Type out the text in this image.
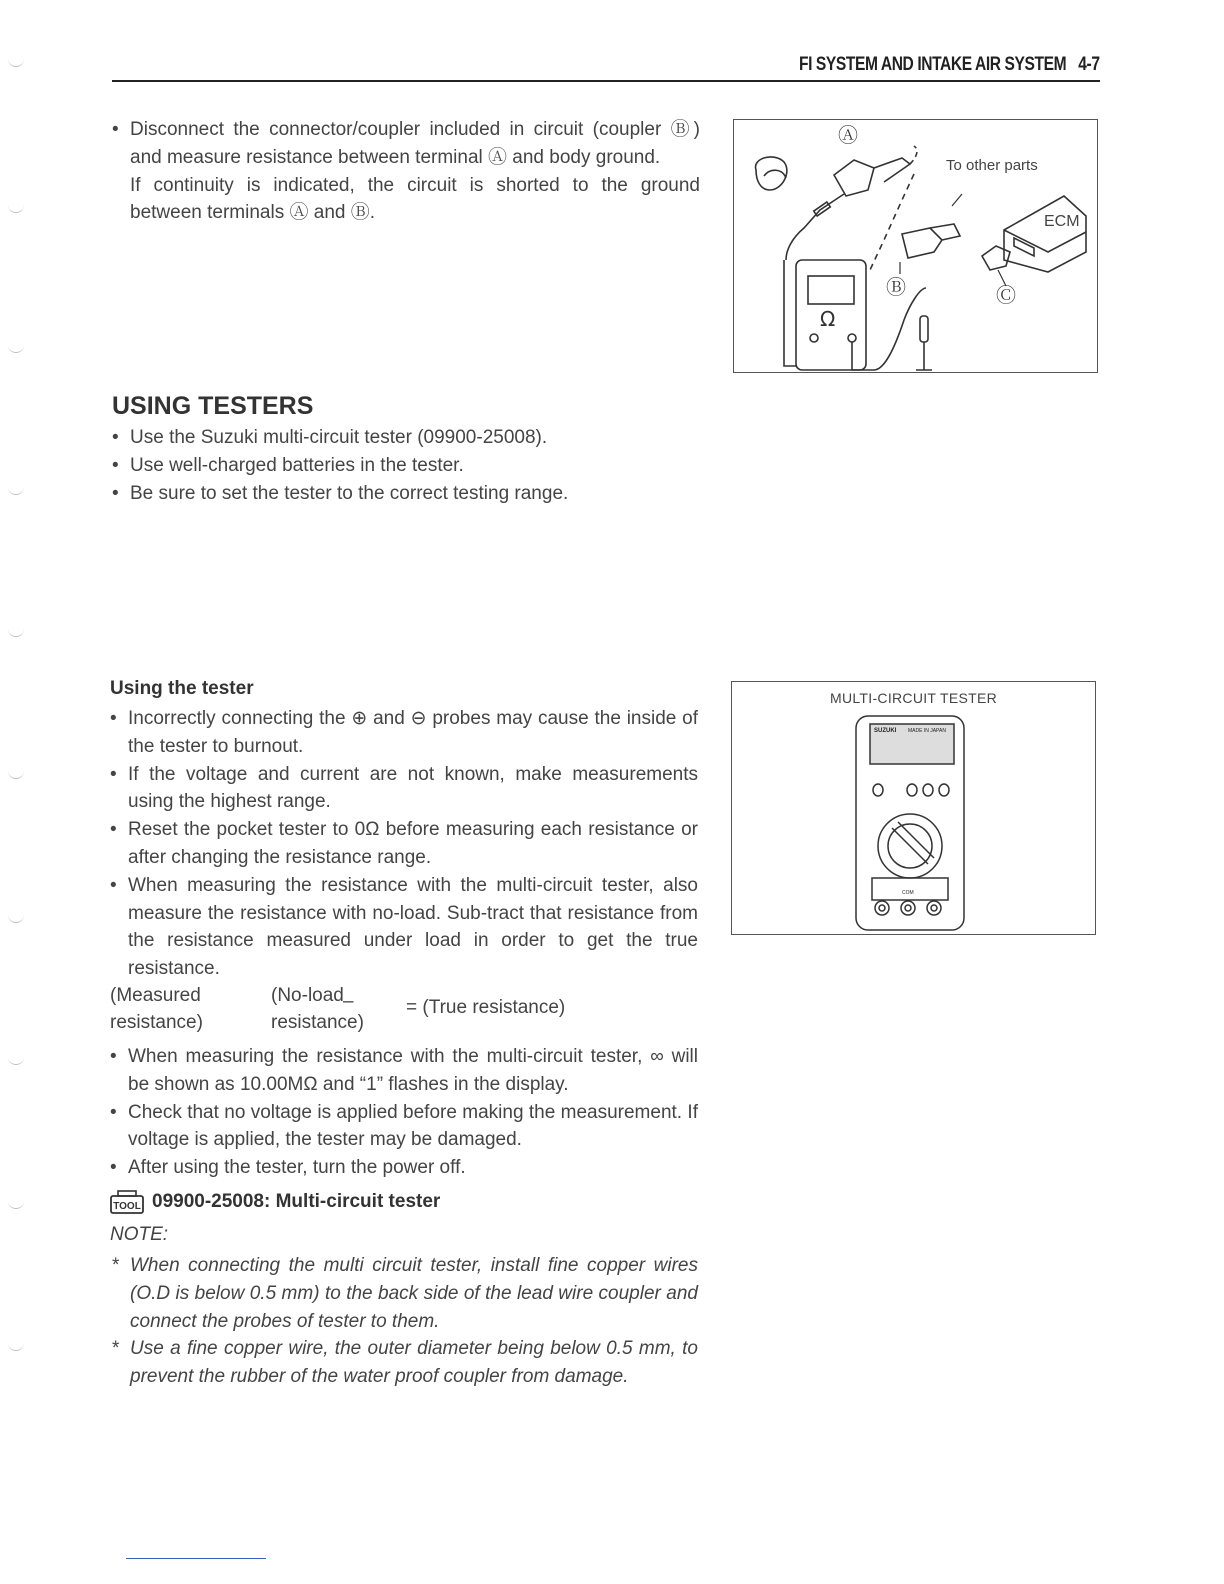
FI SYSTEM AND INTAKE AIR SYSTEM 4-7
• Disconnect the connector/coupler included in circuit (coupler Ⓑ) and measure resistance between terminal Ⓐ and body ground.
If continuity is indicated, the circuit is shorted to the ground between terminals Ⓐ and Ⓑ.
Ⓐ
Ⓑ	Ⓒ
To other parts
ECM
Ω
USING TESTERS
• Use the Suzuki multi-circuit tester (09900-25008).
• Use well-charged batteries in the tester.
• Be sure to set the tester to the correct testing range.
Using the tester
• Incorrectly connecting the ⊕ and ⊖ probes may cause the inside of the tester to burnout.
• If the voltage and current are not known, make measurements using the highest range.
• Reset the pocket tester to 0Ω before measuring each resistance or after changing the resistance range.
• When measuring the resistance with the multi-circuit tester, also measure the resistance with no-load. Sub-tract that resistance from the resistance measured under load in order to get the true resistance.
(Measured
resistance)
–
(No-load
resistance)
= (True resistance)
• When measuring the resistance with the multi-circuit tester, ∞ will be shown as 10.00MΩ and “1” flashes in the display.
• Check that no voltage is applied before making the measurement. If voltage is applied, the tester may be damaged.
• After using the tester, turn the power off.
MULTI-CIRCUIT TESTER
SUZUKI MADE IN JAPAN
COM
TOOL 09900-25008: Multi-circuit tester
NOTE:
* When connecting the multi circuit tester, install fine copper wires (O.D is below 0.5 mm) to the back side of the lead wire coupler and connect the probes of tester to them.
* Use a fine copper wire, the outer diameter being below 0.5 mm, to prevent the rubber of the water proof coupler from damage.
